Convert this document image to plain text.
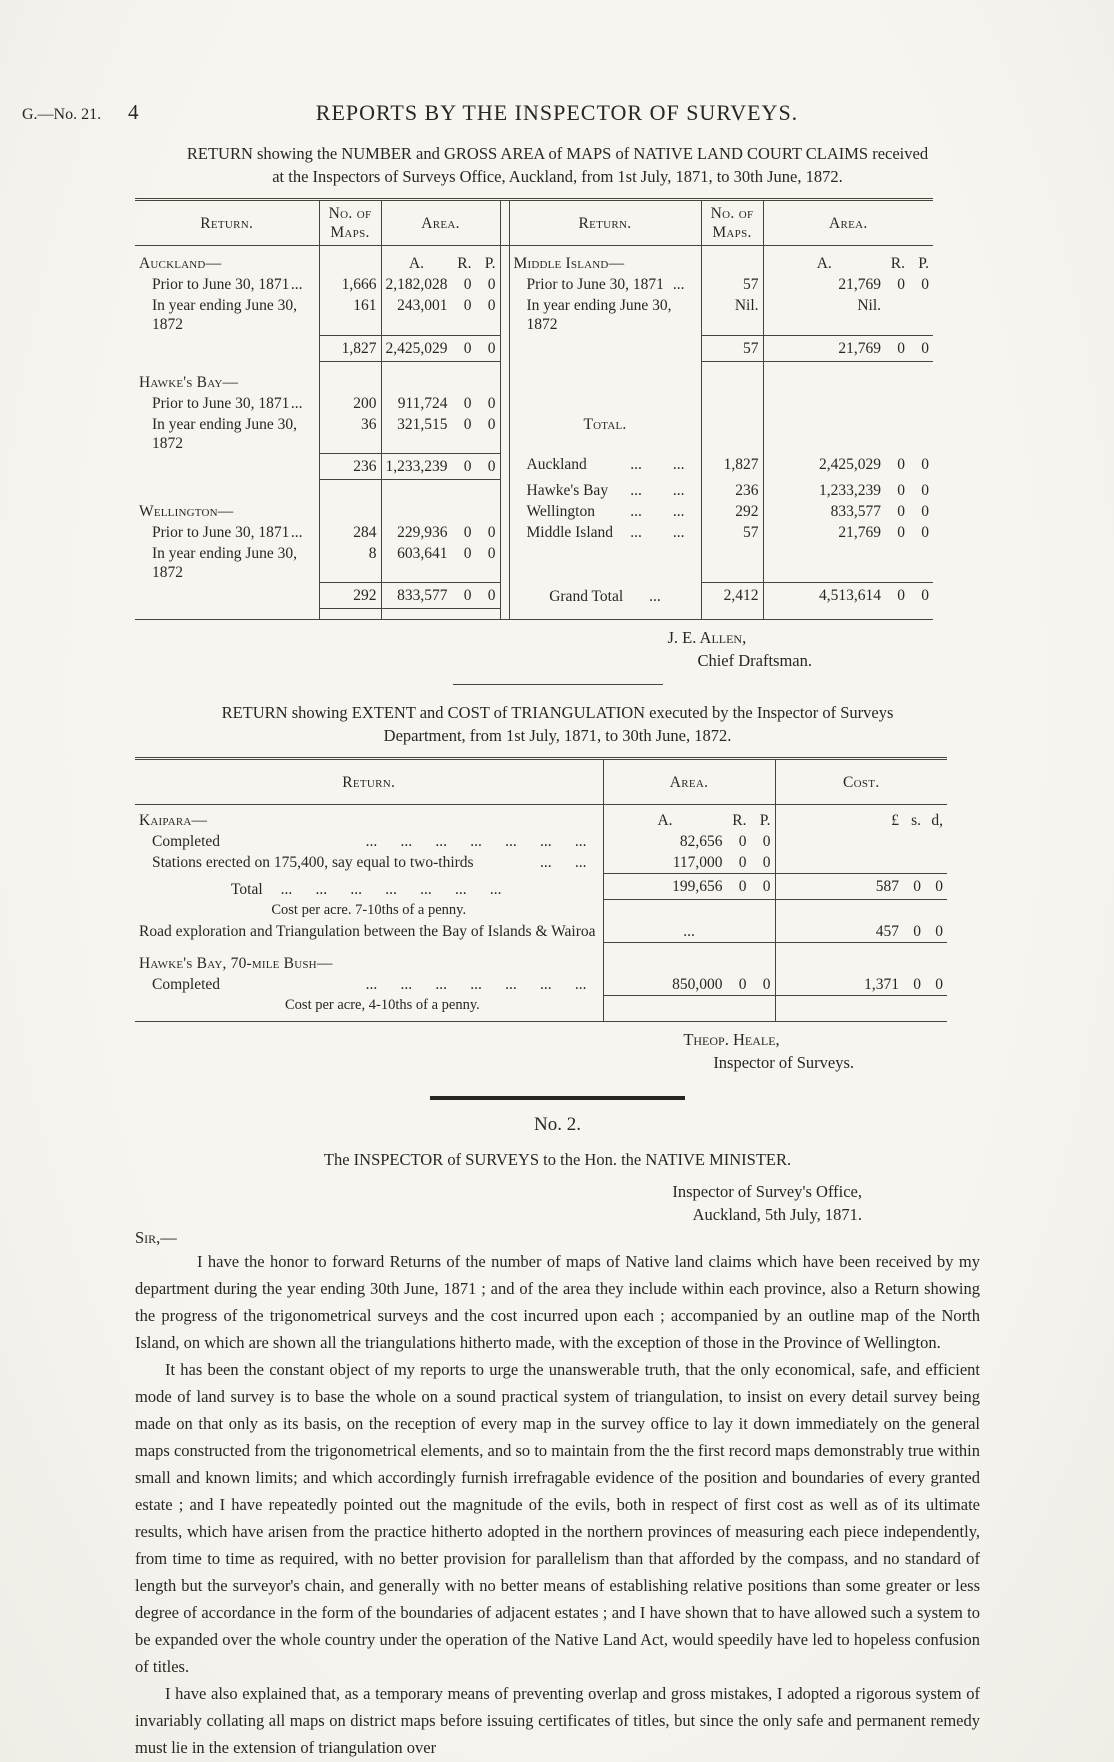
G.—No. 21. 4	REPORTS BY THE INSPECTOR OF SURVEYS.
RETURN showing the NUMBER and GROSS AREA of MAPS of NATIVE LAND COURT CLAIMS received
at the Inspectors of Surveys Office, Auckland, from 1st July, 1871, to 30th June, 1872.
Return.	No. of Maps.	Area.		Return.	No. of Maps.	Area.
Auckland—		A. R. P.		Middle Island—		A. R. P.

Prior to June 30, 1871 ...	1,666	2,182,028 0 0		Prior to June 30, 1871 ...	57	21,769 0 0

In year ending June 30, 1872	161	243,001 0 0		In year ending June 30, 1872	Nil.	Nil.

	1,827	2,425,029 0 0			57	21,769 0 0

Hawke's Bay—						

Prior to June 30, 1871 ...	200	911,724 0 0				

In year ending June 30, 1872	36	321,515 0 0		Total.		
	236	1,233,239 0 0		Auckland ...  ...	1,827	2,425,029 0 0

				Hawke's Bay ...  ...	236	1,233,239 0 0

Wellington—				Wellington ...  ...	292	833,577 0 0

Prior to June 30, 1871 ...	284	229,936 0 0		Middle Island ...  ...	57	21,769 0 0

In year ending June 30, 1872	8	603,641 0 0				

	292	833,577 0 0		Grand Total ...	2,412	4,513,614 0 0

J. E. Allen,
Chief Draftsman.
RETURN showing EXTENT and COST of TRIANGULATION executed by the Inspector of Surveys
Department, from 1st July, 1871, to 30th June, 1872.
Return.	Area.	Cost.
Kaipara—	A. R. P.	£ s. d,

Completed ...  ...  ...  ...  ...  ...  ...	82,656 0 0	

Stations erected on 175,400, say equal to two-thirds ...  ...	117,000 0 0	

Total ...  ...  ...  ...  ...  ...  ...	199,656 0 0	587 0 0

Cost per acre. 7-10ths of a penny.		
Road exploration and Triangulation between the Bay of Islands & Wairoa	...	457 0 0

Hawke's Bay, 70-mile Bush—		

Completed ...  ...  ...  ...  ...  ...  ...	850,000 0 0	1,371 0 0

Cost per acre, 4-10ths of a penny.		
Theop. Heale,
Inspector of Surveys.
No. 2.
The INSPECTOR of SURVEYS to the Hon. the NATIVE MINISTER.
Inspector of Survey's Office,
Auckland, 5th July, 1871.
Sir,—
I have the honor to forward Returns of the number of maps of Native land claims which have been received by my department during the year ending 30th June, 1871 ; and of the area they include within each province, also a Return showing the progress of the trigonometrical surveys and the cost incurred upon each ; accompanied by an outline map of the North Island, on which are shown all the triangulations hitherto made, with the exception of those in the Province of Wellington.
It has been the constant object of my reports to urge the unanswerable truth, that the only economical, safe, and efficient mode of land survey is to base the whole on a sound practical system of triangulation, to insist on every detail survey being made on that only as its basis, on the reception of every map in the survey office to lay it down immediately on the general maps constructed from the trigonometrical elements, and so to maintain from the the first record maps demonstrably true within small and known limits; and which accordingly furnish irrefragable evidence of the position and boundaries of every granted estate ; and I have repeatedly pointed out the magnitude of the evils, both in respect of first cost as well as of its ultimate results, which have arisen from the practice hitherto adopted in the northern provinces of measuring each piece independently, from time to time as required, with no better provision for parallelism than that afforded by the compass, and no standard of length but the surveyor's chain, and generally with no better means of establishing relative positions than some greater or less degree of accordance in the form of the boundaries of adjacent estates ; and I have shown that to have allowed such a system to be expanded over the whole country under the operation of the Native Land Act, would speedily have led to hopeless confusion of titles.
I have also explained that, as a temporary means of preventing overlap and gross mistakes, I adopted a rigorous system of invariably collating all maps on district maps before issuing certificates of titles, but since the only safe and permanent remedy must lie in the extension of triangulation over
